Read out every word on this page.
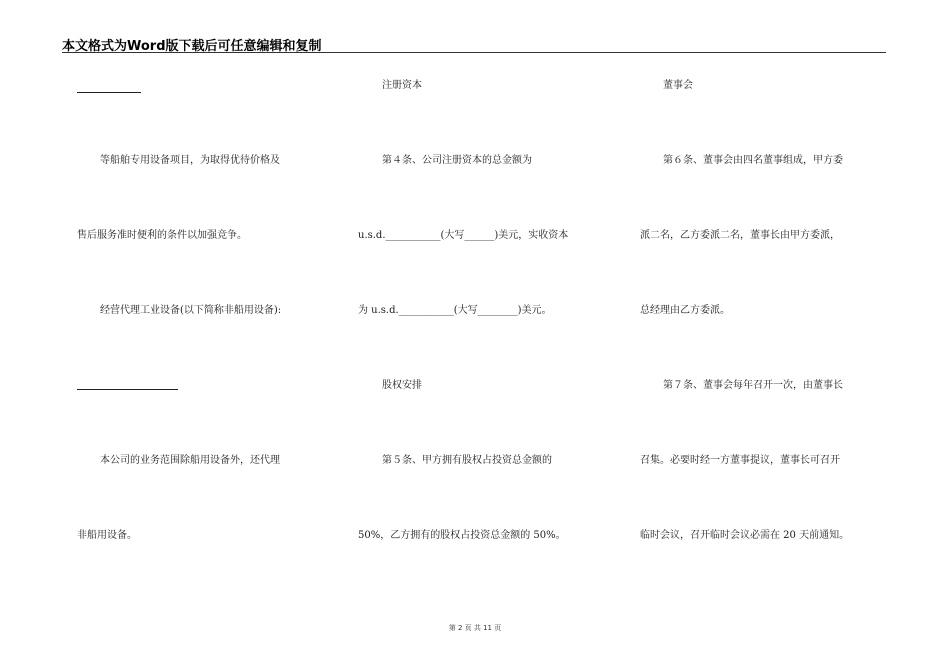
本文格式为Word版下载后可任意编辑和复制
等船舶专用设备项目，为取得优待价格及
售后服务准时便利的条件以加强竞争。
经营代理工业设备(以下简称非船用设备):
本公司的业务范围除船用设备外，还代理
非船用设备。
注册资本
第４条、公司注册资本的总金额为
u.s.d.___________(大写______)美元，实收资本
为 u.s.d.___________(大写________)美元。
股权安排
第５条、甲方拥有股权占投资总金额的
50%，乙方拥有的股权占投资总金额的 50%。
董事会
第６条、董事会由四名董事组成，甲方委
派二名，乙方委派二名，董事长由甲方委派，
总经理由乙方委派。
第７条、董事会每年召开一次，由董事长
召集。必要时经一方董事提议，董事长可召开
临时会议，召开临时会议必需在 20 天前通知。
第 2 页 共 11 页
